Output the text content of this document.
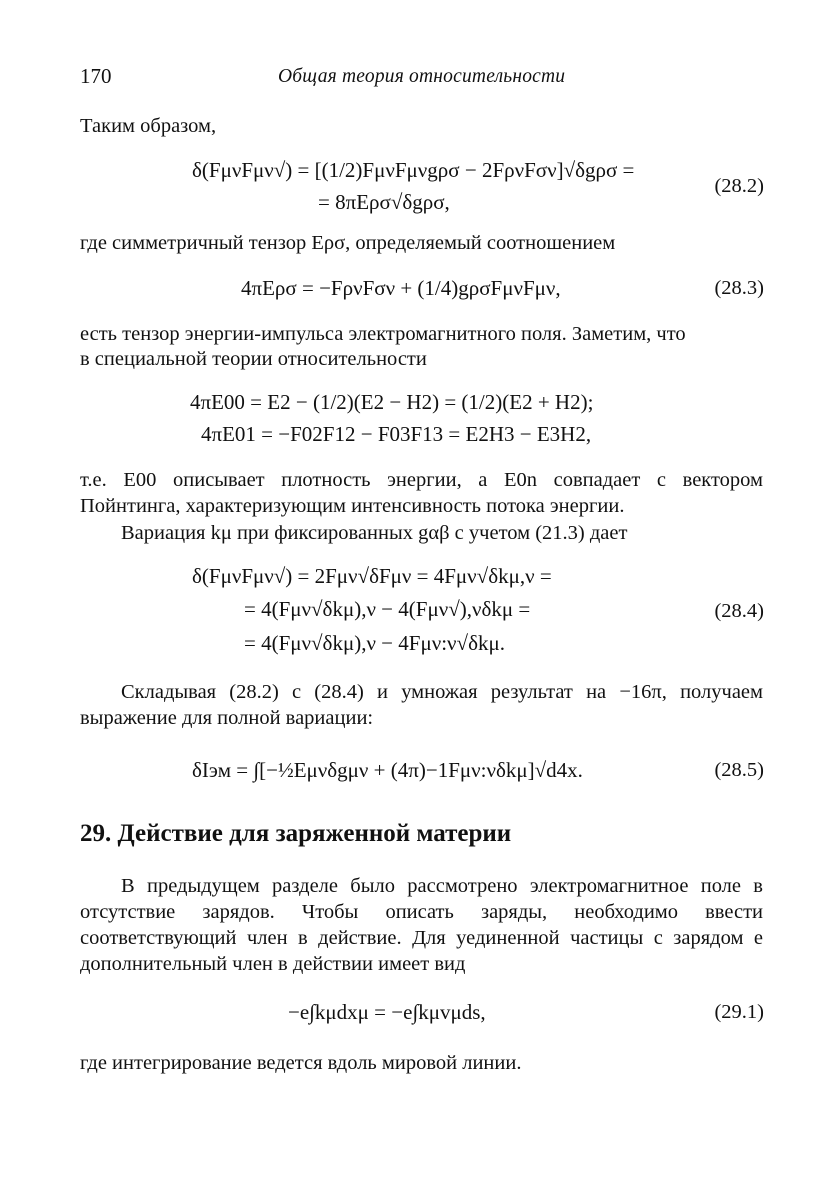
170	Общая теория относительности
Таким образом,
δ(FμνFμν√) = [(1/2)FμνFμνgρσ − 2FρνFσν]√δgρσ =
= 8πEρσ√δgρσ,
(28.2)
где симметричный тензор Eρσ, определяемый соотношением
4πEρσ = −FρνFσν + (1/4)gρσFμνFμν,	(28.3)
есть тензор энергии-импульса электромагнитного поля. Заметим, что
в специальной теории относительности
4πE00 = E2 − (1/2)(E2 − H2) = (1/2)(E2 + H2);
4πE01 = −F02F12 − F03F13 = E2H3 − E3H2,
т.е. E00 описывает плотность энергии, а E0n совпадает с вектором Пойнтинга, характеризующим интенсивность потока энергии.
Вариация kμ при фиксированных gαβ с учетом (21.3) дает
δ(FμνFμν√) = 2Fμν√δFμν = 4Fμν√δkμ,ν =
= 4(Fμν√δkμ),ν − 4(Fμν√),νδkμ =
= 4(Fμν√δkμ),ν − 4Fμν:ν√δkμ.
(28.4)
Складывая (28.2) с (28.4) и умножая результат на −16π, получаем выражение для полной вариации:
δIэм = ∫[−½Eμνδgμν + (4π)−1Fμν:νδkμ]√d4x.	(28.5)
29. Действие для заряженной материи
В предыдущем разделе было рассмотрено электромагнитное поле в отсутствие зарядов. Чтобы описать заряды, необходимо ввести соответствующий член в действие. Для уединенной частицы с зарядом e дополнительный член в действии имеет вид
−e∫kμdxμ = −e∫kμvμds,	(29.1)
где интегрирование ведется вдоль мировой линии.
